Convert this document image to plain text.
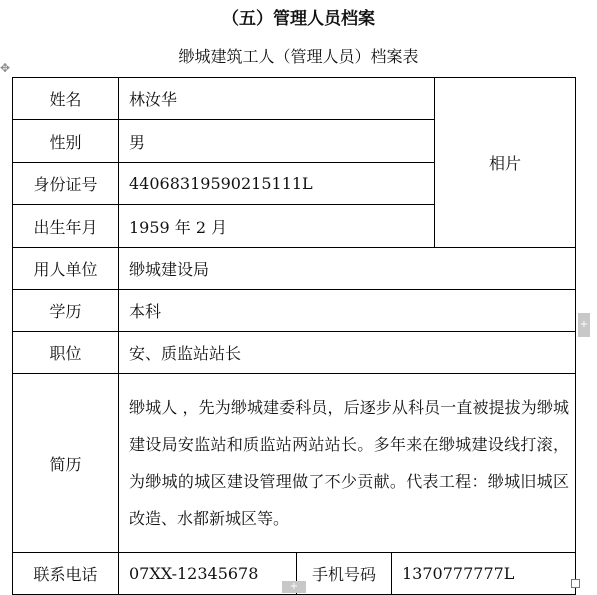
（五）管理人员档案
缈城建筑工人（管理人员）档案表
✥
姓名	林汝华			相片
性别	男			
身份证号	44068319590215111L			
出生年月	1959 年 2 月			
用人单位	缈城建设局			
学历	本科			
职位	安、质监站站长			
简历	缈城人 ，先为缈城建委科员，后逐步从科员一直被提拔为缈城建设局安监站和质监站两站站长。多年来在缈城建设线打滚，为缈城的城区建设管理做了不少贡献。代表工程：缈城旧城区改造、水都新城区等。			
联系电话	07XX-12345678	手机号码	1370777777L	
+
+
